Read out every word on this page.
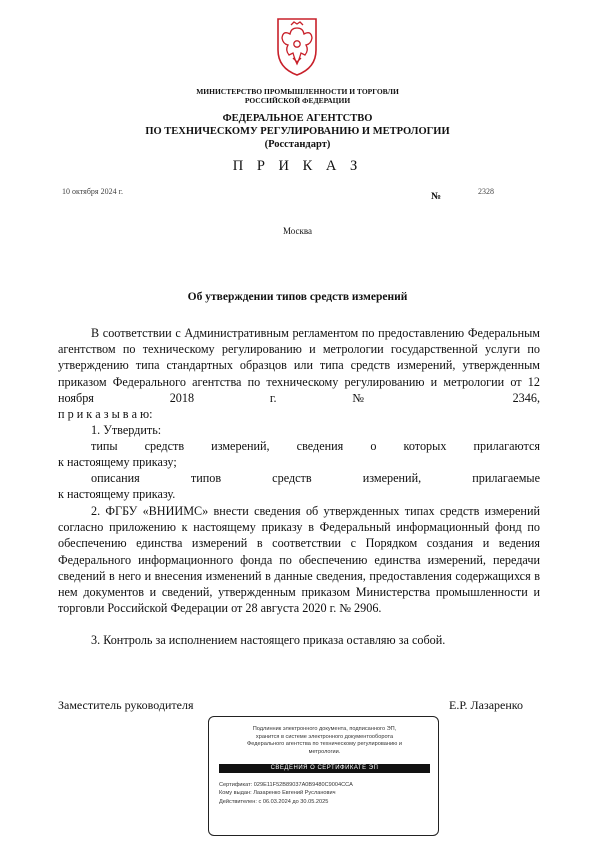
МИНИСТЕРСТВО ПРОМЫШЛЕННОСТИ И ТОРГОВЛИ
РОССИЙСКОЙ ФЕДЕРАЦИИ
ФЕДЕРАЛЬНОЕ АГЕНТСТВО
ПО ТЕХНИЧЕСКОМУ РЕГУЛИРОВАНИЮ И МЕТРОЛОГИИ
(Росстандарт)
П Р И К А З
10 октября 2024 г.	№	2328
Москва
Об утверждении типов средств измерений

В соответствии с Административным регламентом по предоставлению Федеральным агентством по техническому регулированию и метрологии государственной услуги по утверждению типа стандартных образцов или типа средств измерений, утвержденным приказом Федерального агентства по техническому регулированию и метрологии от 12 ноября 2018 г. № 2346,

п р и к а з ы в а ю:

1. Утвердить:

типы средств измерений, сведения о которых прилагаются

к настоящему приказу;

описания типов средств измерений, прилагаемые

к настоящему приказу.

2. ФГБУ «ВНИИМС» внести сведения об утвержденных типах средств измерений согласно приложению к настоящему приказу в Федеральный информационный фонд по обеспечению единства измерений в соответствии с Порядком создания и ведения Федерального информационного фонда по обеспечению единства измерений, передачи сведений в него и внесения изменений в данные сведения, предоставления содержащихся в нем документов и сведений, утвержденным приказом Министерства промышленности и торговли Российской Федерации от 28 августа 2020 г. № 2906.

3. Контроль за исполнением настоящего приказа оставляю за собой.

Заместитель руководителя	Е.Р. Лазаренко
Подлинник электронного документа, подписанного ЭП,
хранится в системе электронного документооборота
Федерального агентства по техническому регулированию и
метрологии.
СВЕДЕНИЯ О СЕРТИФИКАТЕ ЭП
Сертификат: 029E11F52B89037A0B9480C9004CCA
Кому выдан: Лазаренко Евгений Русланович
Действителен: с 06.03.2024 до 30.05.2025
